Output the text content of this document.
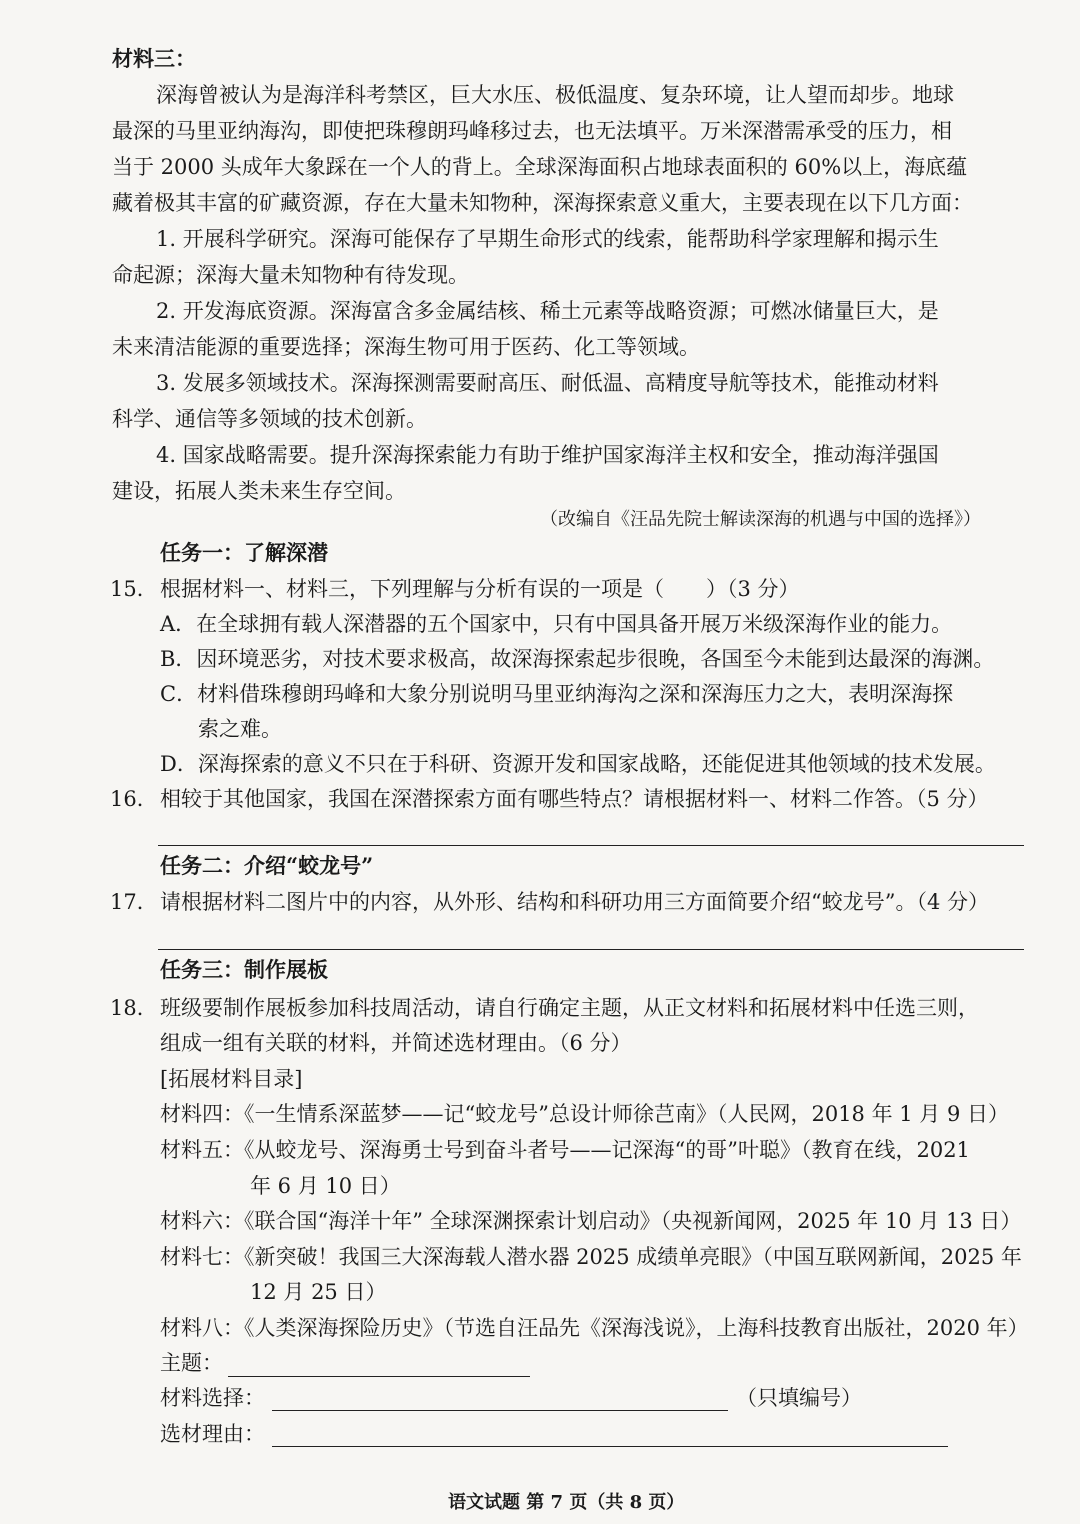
材料三：
深海曾被认为是海洋科考禁区，巨大水压、极低温度、复杂环境，让人望而却步。地球
最深的马里亚纳海沟，即使把珠穆朗玛峰移过去，也无法填平。万米深潜需承受的压力，相
当于 2000 头成年大象踩在一个人的背上。全球深海面积占地球表面积的 60%以上，海底蕴
藏着极其丰富的矿藏资源，存在大量未知物种，深海探索意义重大，主要表现在以下几方面：
1. 开展科学研究。深海可能保存了早期生命形式的线索，能帮助科学家理解和揭示生
命起源；深海大量未知物种有待发现。
2. 开发海底资源。深海富含多金属结核、稀土元素等战略资源；可燃冰储量巨大，是
未来清洁能源的重要选择；深海生物可用于医药、化工等领域。
3. 发展多领域技术。深海探测需要耐高压、耐低温、高精度导航等技术，能推动材料
科学、通信等多领域的技术创新。
4. 国家战略需要。提升深海探索能力有助于维护国家海洋主权和安全，推动海洋强国
建设，拓展人类未来生存空间。
（改编自《汪品先院士解读深海的机遇与中国的选择》）
任务一：了解深潜
15． 根据材料一、材料三，下列理解与分析有误的一项是（　　）（3 分）
A．在全球拥有载人深潜器的五个国家中，只有中国具备开展万米级深海作业的能力。
B．因环境恶劣，对技术要求极高，故深海探索起步很晚，各国至今未能到达最深的海渊。
C．材料借珠穆朗玛峰和大象分别说明马里亚纳海沟之深和深海压力之大，表明深海探
索之难。
D．深海探索的意义不只在于科研、资源开发和国家战略，还能促进其他领域的技术发展。
16． 相较于其他国家，我国在深潜探索方面有哪些特点？请根据材料一、材料二作答。（5 分）
任务二：介绍“蛟龙号”
17． 请根据材料二图片中的内容，从外形、结构和科研功用三方面简要介绍“蛟龙号”。（4 分）
任务三：制作展板
18． 班级要制作展板参加科技周活动，请自行确定主题，从正文材料和拓展材料中任选三则，
组成一组有关联的材料，并简述选材理由。（6 分）
[拓展材料目录]
材料四：《一生情系深蓝梦——记“蛟龙号”总设计师徐芑南》（人民网，2018 年 1 月 9 日）
材料五：《从蛟龙号、深海勇士号到奋斗者号——记深海“的哥”叶聪》（教育在线，2021
年 6 月 10 日）
材料六：《联合国“海洋十年” 全球深渊探索计划启动》（央视新闻网，2025 年 10 月 13 日）
材料七：《新突破！我国三大深海载人潜水器 2025 成绩单亮眼》（中国互联网新闻，2025 年
12 月 25 日）
材料八：《人类深海探险历史》（节选自汪品先《深海浅说》，上海科技教育出版社，2020 年）
主题：
材料选择：	（只填编号）
选材理由：
语文试题 第 7 页（共 8 页）
